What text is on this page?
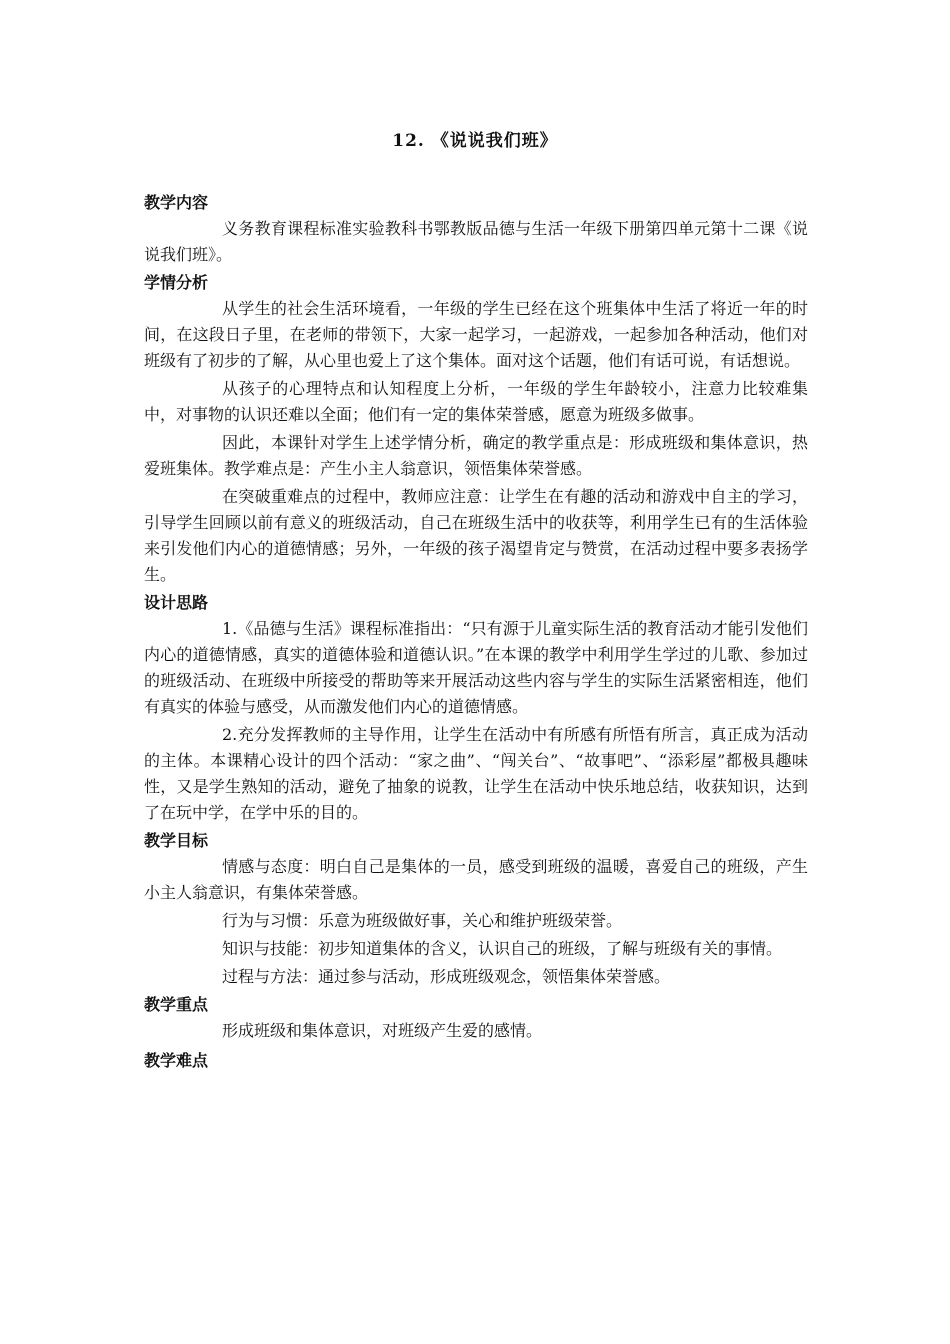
12. 《说说我们班》
教学内容

义务教育课程标准实验教科书鄂教版品德与生活一年级下册第四单元第十二课《说说我们班》。

学情分析

从学生的社会生活环境看，一年级的学生已经在这个班集体中生活了将近一年的时间，在这段日子里，在老师的带领下，大家一起学习，一起游戏，一起参加各种活动，他们对班级有了初步的了解，从心里也爱上了这个集体。面对这个话题，他们有话可说，有话想说。

从孩子的心理特点和认知程度上分析，一年级的学生年龄较小，注意力比较难集中，对事物的认识还难以全面；他们有一定的集体荣誉感，愿意为班级多做事。

因此，本课针对学生上述学情分析，确定的教学重点是：形成班级和集体意识，热爱班集体。教学难点是：产生小主人翁意识，领悟集体荣誉感。

在突破重难点的过程中，教师应注意：让学生在有趣的活动和游戏中自主的学习，引导学生回顾以前有意义的班级活动，自己在班级生活中的收获等，利用学生已有的生活体验来引发他们内心的道德情感；另外，一年级的孩子渴望肯定与赞赏，在活动过程中要多表扬学生。

设计思路

1.《品德与生活》课程标准指出：“只有源于儿童实际生活的教育活动才能引发他们内心的道德情感，真实的道德体验和道德认识。”在本课的教学中利用学生学过的儿歌、参加过的班级活动、在班级中所接受的帮助等来开展活动这些内容与学生的实际生活紧密相连，他们有真实的体验与感受，从而激发他们内心的道德情感。

2.充分发挥教师的主导作用，让学生在活动中有所感有所悟有所言，真正成为活动的主体。本课精心设计的四个活动：“家之曲”、“闯关台”、“故事吧”、“添彩屋”都极具趣味性，又是学生熟知的活动，避免了抽象的说教，让学生在活动中快乐地总结，收获知识，达到了在玩中学，在学中乐的目的。

教学目标

情感与态度：明白自己是集体的一员，感受到班级的温暖，喜爱自己的班级，产生小主人翁意识，有集体荣誉感。

行为与习惯：乐意为班级做好事，关心和维护班级荣誉。

知识与技能：初步知道集体的含义，认识自己的班级，了解与班级有关的事情。

过程与方法：通过参与活动，形成班级观念，领悟集体荣誉感。

教学重点

形成班级和集体意识，对班级产生爱的感情。

教学难点
